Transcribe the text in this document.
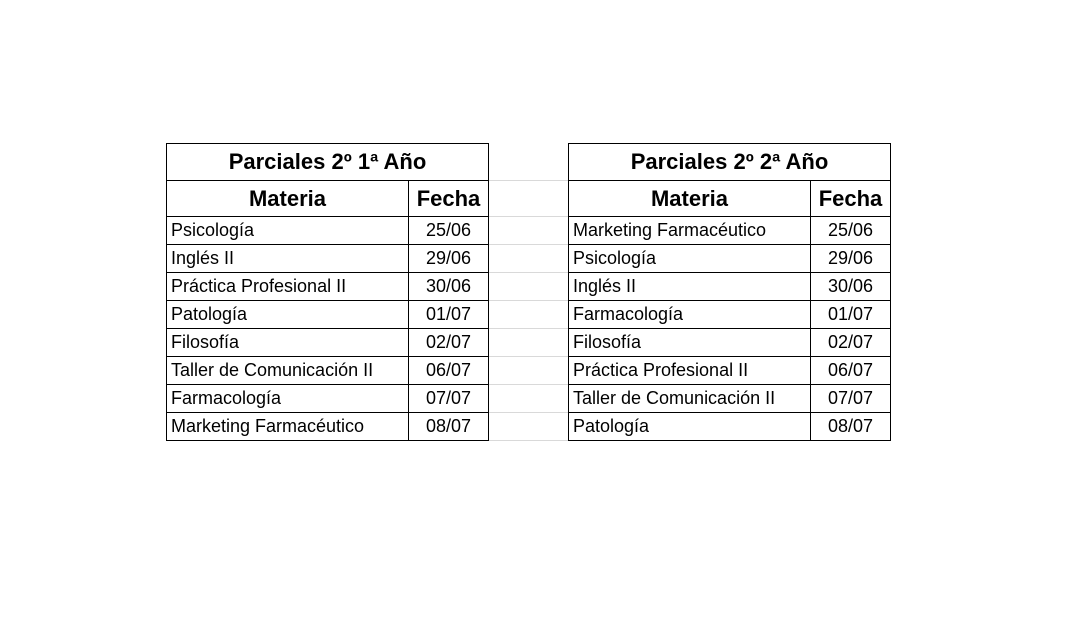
Parciales 2º 1ª Año	
Materia	Fecha
Psicología	25/06
Inglés II	29/06
Práctica Profesional II	30/06
Patología	01/07
Filosofía	02/07
Taller de Comunicación II	06/07
Farmacología	07/07
Marketing Farmacéutico	08/07
Parciales 2º 2ª Año	
Materia	Fecha
Marketing Farmacéutico	25/06
Psicología	29/06
Inglés II	30/06
Farmacología	01/07
Filosofía	02/07
Práctica Profesional II	06/07
Taller de Comunicación II	07/07
Patología	08/07
